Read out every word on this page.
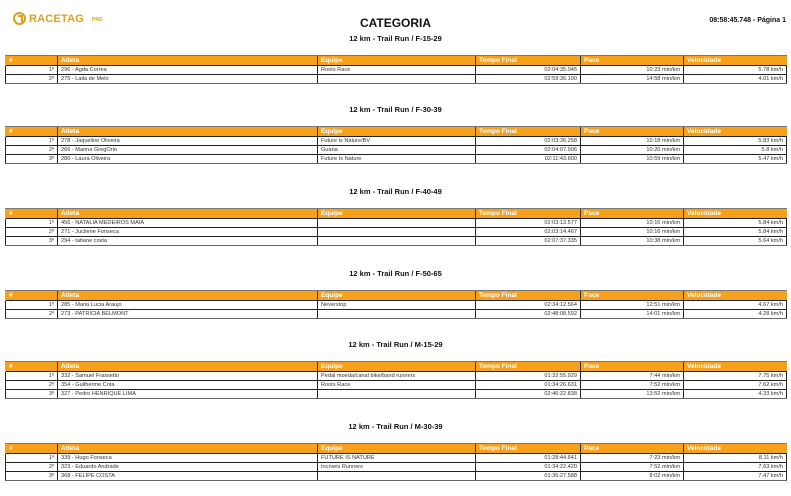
RACETAG PRO	CATEGORIA	08:58:45.748 - Página 1
12 km - Trail Run / F-15-29
#	Atleta	Equipe	Tempo Final	Pace	Velocidade
1º	296 - Agda Correa	Roots Race	02:04:35.045	10:23 min/km	5.78 km/h
2º	275 - Laila de Melo		02:59:36.100	14:58 min/km	4.01 km/h
12 km - Trail Run / F-30-39
#	Atleta	Equipe	Tempo Final	Pace	Velocidade
1º	278 - Jaqueline Oliveira	Future is Nature/BV	02:03:36.258	10:18 min/km	5.83 km/h
2º	266 - Marina GregOrio	Guana	02:04:07.906	10:20 min/km	5.8 km/h
3º	280 - Laura Oliveira	Future Is Nature	02:11:43.600	10:59 min/km	5.47 km/h
12 km - Trail Run / F-40-49
#	Atleta	Equipe	Tempo Final	Pace	Velocidade
1º	456 - NATALIA MEDEIROS MAIA		02:03:13.577	10:16 min/km	5.84 km/h
2º	271 - Jucilene Fonseca		02:03:14.467	10:16 min/km	5.84 km/h
3º	294 - tatiane costa		02:07:37.335	10:38 min/km	5.64 km/h
12 km - Trail Run / F-50-65
#	Atleta	Equipe	Tempo Final	Pace	Velocidade
1º	285 - Maria Lucia Araujo	Neverstop	02:34:12.564	12:51 min/km	4.67 km/h
2º	273 - PATRICIA BELMONT		02:48:08.592	14:01 min/km	4.28 km/h
12 km - Trail Run / M-15-29
#	Atleta	Equipe	Tempo Final	Pace	Velocidade
1º	332 - Samuel Frassetto	Pedal moeda/canal bike/band runners	01:32:55.929	7:44 min/km	7.75 km/h
2º	354 - Guilherme Cota	Roots Race	01:34:26.631	7:52 min/km	7.62 km/h
3º	327 - Pedro HENRIQUE LIMA		02:46:22.838	13:52 min/km	4.33 km/h
12 km - Trail Run / M-30-39
#	Atleta	Equipe	Tempo Final	Pace	Velocidade
1º	339 - Hugo Fonseca	FUTURE IS NATURE	01:28:44.641	7:23 min/km	8.11 km/h
2º	323 - Eduardo Andrade	Incrveis Runners	01:34:22.420	7:52 min/km	7.63 km/h
3º	368 - FELIPE COSTA		01:36:27.588	8:02 min/km	7.47 km/h
